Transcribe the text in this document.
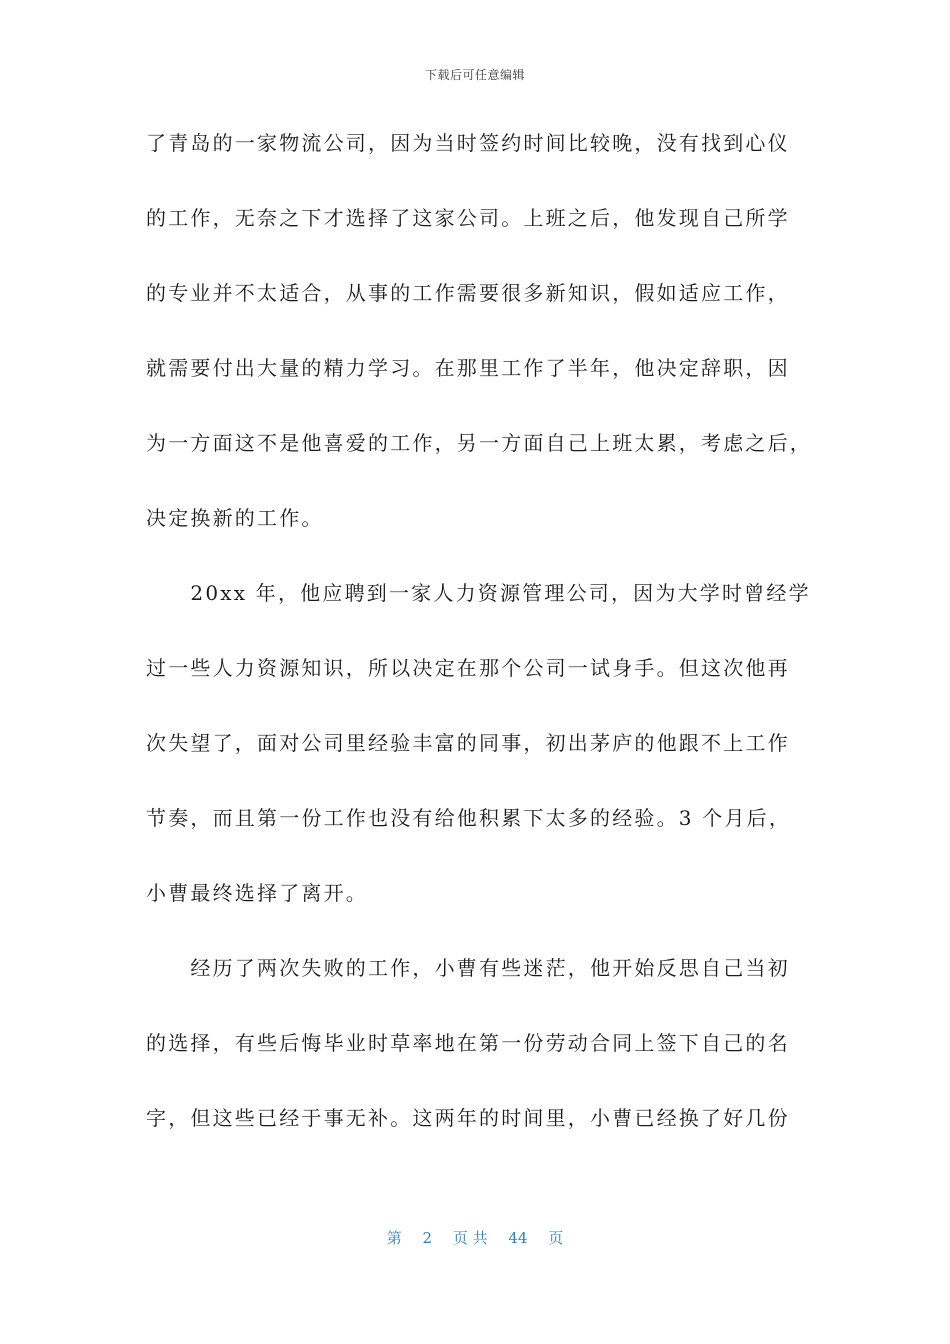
下载后可任意编辑
了青岛的一家物流公司，因为当时签约时间比较晚，没有找到心仪
的工作，无奈之下才选择了这家公司。上班之后，他发现自己所学
的专业并不太适合，从事的工作需要很多新知识，假如适应工作，
就需要付出大量的精力学习。在那里工作了半年，他决定辞职，因
为一方面这不是他喜爱的工作，另一方面自己上班太累，考虑之后，
决定换新的工作。
　　20xx 年，他应聘到一家人力资源管理公司，因为大学时曾经学
过一些人力资源知识，所以决定在那个公司一试身手。但这次他再
次失望了，面对公司里经验丰富的同事，初出茅庐的他跟不上工作
节奏，而且第一份工作也没有给他积累下太多的经验。3 个月后，
小曹最终选择了离开。
　　经历了两次失败的工作，小曹有些迷茫，他开始反思自己当初
的选择，有些后悔毕业时草率地在第一份劳动合同上签下自己的名
字，但这些已经于事无补。这两年的时间里，小曹已经换了好几份
第 2 页 共 44 页
